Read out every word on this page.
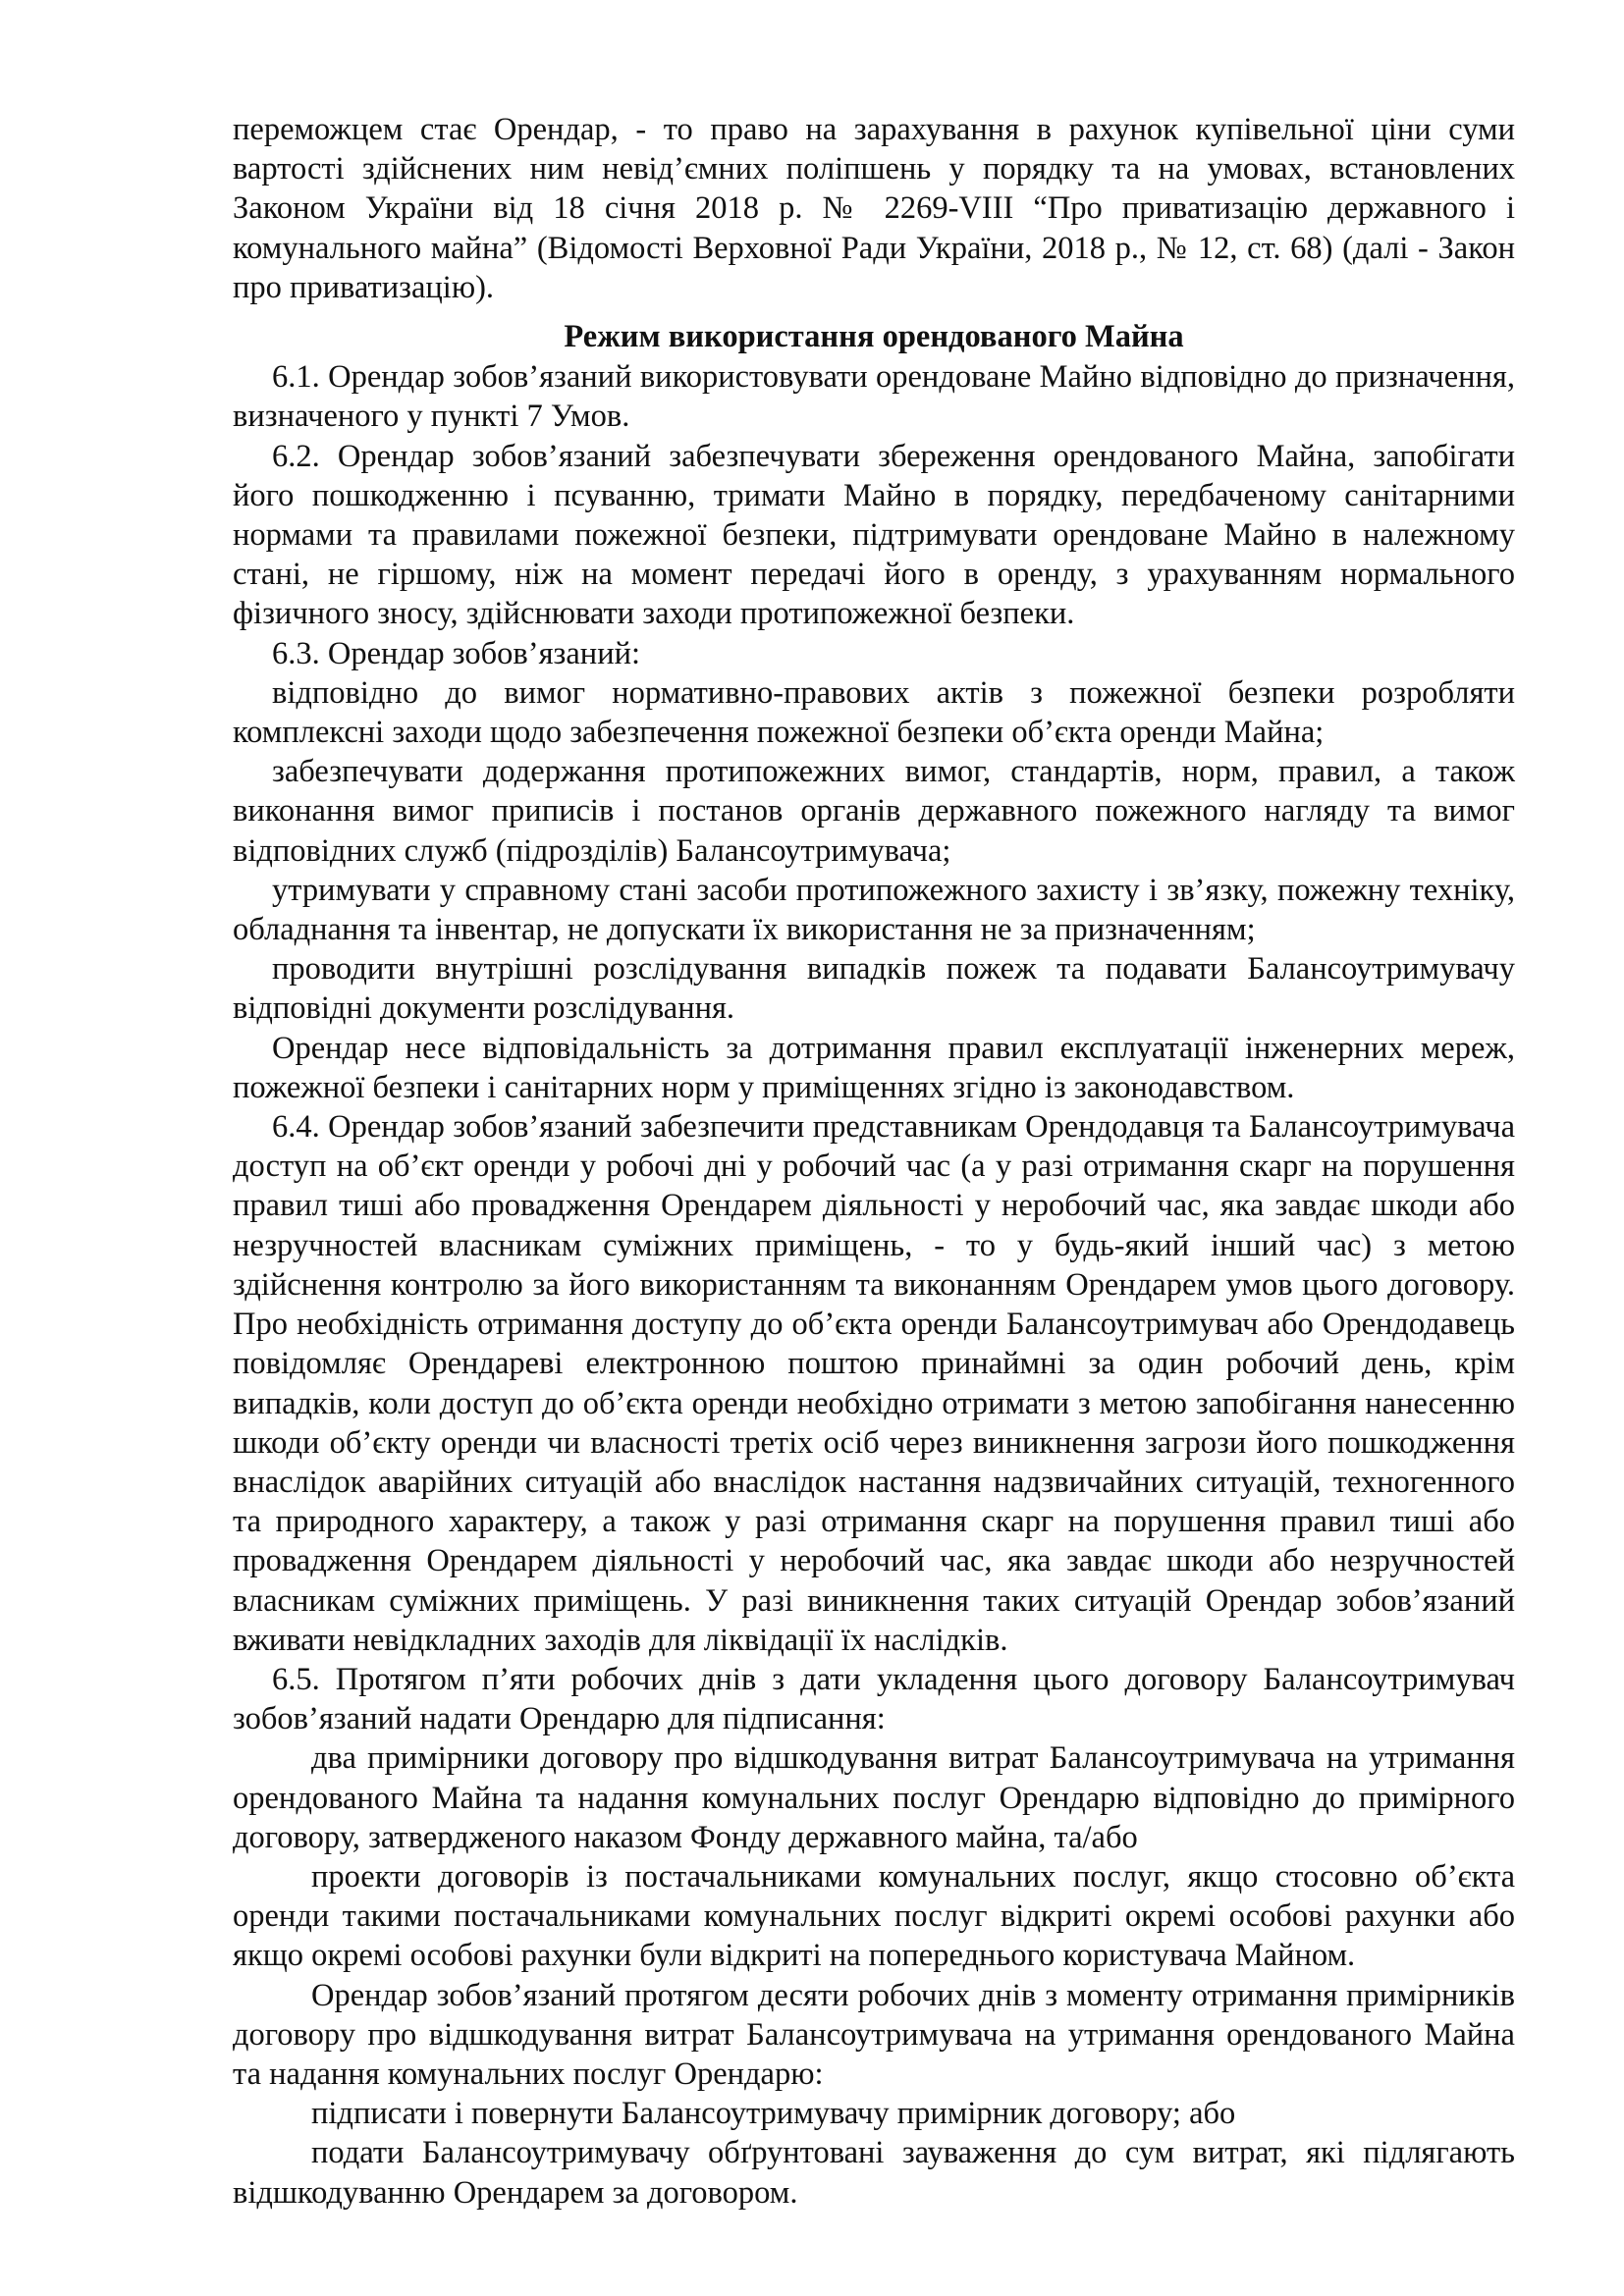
переможцем стає Орендар, - то право на зарахування в рахунок купівельної ціни суми вартості здійснених ним невід’ємних поліпшень у порядку та на умовах, встановлених Законом України від 18 січня 2018 р. № 2269-VIII “Про приватизацію державного і комунального майна” (Відомості Верховної Ради України, 2018 р., № 12, ст. 68) (далі - Закон про приватизацію).

Режим використання орендованого Майна

6.1. Орендар зобов’язаний використовувати орендоване Майно відповідно до призначення, визначеного у пункті 7 Умов.

6.2. Орендар зобов’язаний забезпечувати збереження орендованого Майна, запобігати його пошкодженню і псуванню, тримати Майно в порядку, передбаченому санітарними нормами та правилами пожежної безпеки, підтримувати орендоване Майно в належному стані, не гіршому, ніж на момент передачі його в оренду, з урахуванням нормального фізичного зносу, здійснювати заходи протипожежної безпеки.

6.3. Орендар зобов’язаний:

відповідно до вимог нормативно-правових актів з пожежної безпеки розробляти комплексні заходи щодо забезпечення пожежної безпеки об’єкта оренди Майна;

забезпечувати додержання протипожежних вимог, стандартів, норм, правил, а також виконання вимог приписів і постанов органів державного пожежного нагляду та вимог відповідних служб (підрозділів) Балансоутримувача;

утримувати у справному стані засоби протипожежного захисту і зв’язку, пожежну техніку, обладнання та інвентар, не допускати їх використання не за призначенням;

проводити внутрішні розслідування випадків пожеж та подавати Балансоутримувачу відповідні документи розслідування.

Орендар несе відповідальність за дотримання правил експлуатації інженерних мереж, пожежної безпеки і санітарних норм у приміщеннях згідно із законодавством.

6.4. Орендар зобов’язаний забезпечити представникам Орендодавця та Балансоутримувача доступ на об’єкт оренди у робочі дні у робочий час (а у разі отримання скарг на порушення правил тиші або провадження Орендарем діяльності у неробочий час, яка завдає шкоди або незручностей власникам суміжних приміщень, - то у будь-який інший час) з метою здійснення контролю за його використанням та виконанням Орендарем умов цього договору. Про необхідність отримання доступу до об’єкта оренди Балансоутримувач або Орендодавець повідомляє Орендареві електронною поштою принаймні за один робочий день, крім випадків, коли доступ до об’єкта оренди необхідно отримати з метою запобігання нанесенню шкоди об’єкту оренди чи власності третіх осіб через виникнення загрози його пошкодження внаслідок аварійних ситуацій або внаслідок настання надзвичайних ситуацій, техногенного та природного характеру, а також у разі отримання скарг на порушення правил тиші або провадження Орендарем діяльності у неробочий час, яка завдає шкоди або незручностей власникам суміжних приміщень. У разі виникнення таких ситуацій Орендар зобов’язаний вживати невідкладних заходів для ліквідації їх наслідків.

6.5. Протягом п’яти робочих днів з дати укладення цього договору Балансоутримувач зобов’язаний надати Орендарю для підписання:

два примірники договору про відшкодування витрат Балансоутримувача на утримання орендованого Майна та надання комунальних послуг Орендарю відповідно до примірного договору, затвердженого наказом Фонду державного майна, та/або

проекти договорів із постачальниками комунальних послуг, якщо стосовно об’єкта оренди такими постачальниками комунальних послуг відкриті окремі особові рахунки або якщо окремі особові рахунки були відкриті на попереднього користувача Майном.

Орендар зобов’язаний протягом десяти робочих днів з моменту отримання примірників договору про відшкодування витрат Балансоутримувача на утримання орендованого Майна та надання комунальних послуг Орендарю:

підписати і повернути Балансоутримувачу примірник договору; або

подати Балансоутримувачу обґрунтовані зауваження до сум витрат, які підлягають відшкодуванню Орендарем за договором.
